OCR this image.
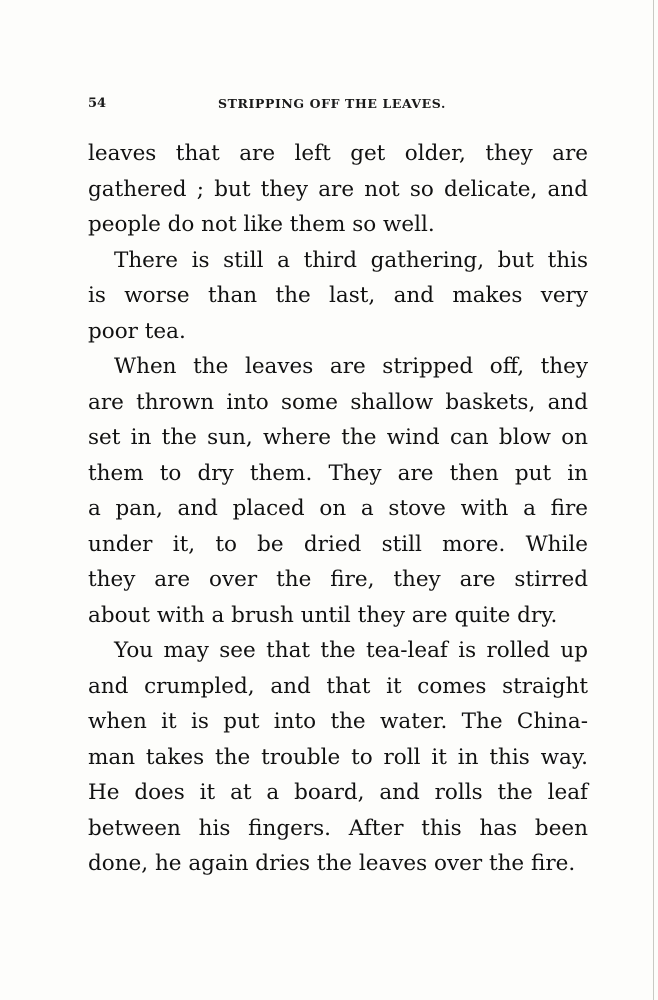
54	STRIPPING OFF THE LEAVES.
leaves that are left get older, they are
gathered ; but they are not so delicate, and
people do not like them so well.
There is still a third gathering, but this
is worse than the last, and makes very
poor tea.
When the leaves are stripped off, they
are thrown into some shallow baskets, and
set in the sun, where the wind can blow on
them to dry them. They are then put in
a pan, and placed on a stove with a fire
under it, to be dried still more. While
they are over the fire, they are stirred
about with a brush until they are quite dry.
You may see that the tea-leaf is rolled up
and crumpled, and that it comes straight
when it is put into the water. The China-
man takes the trouble to roll it in this way.
He does it at a board, and rolls the leaf
between his fingers. After this has been
done, he again dries the leaves over the fire.
